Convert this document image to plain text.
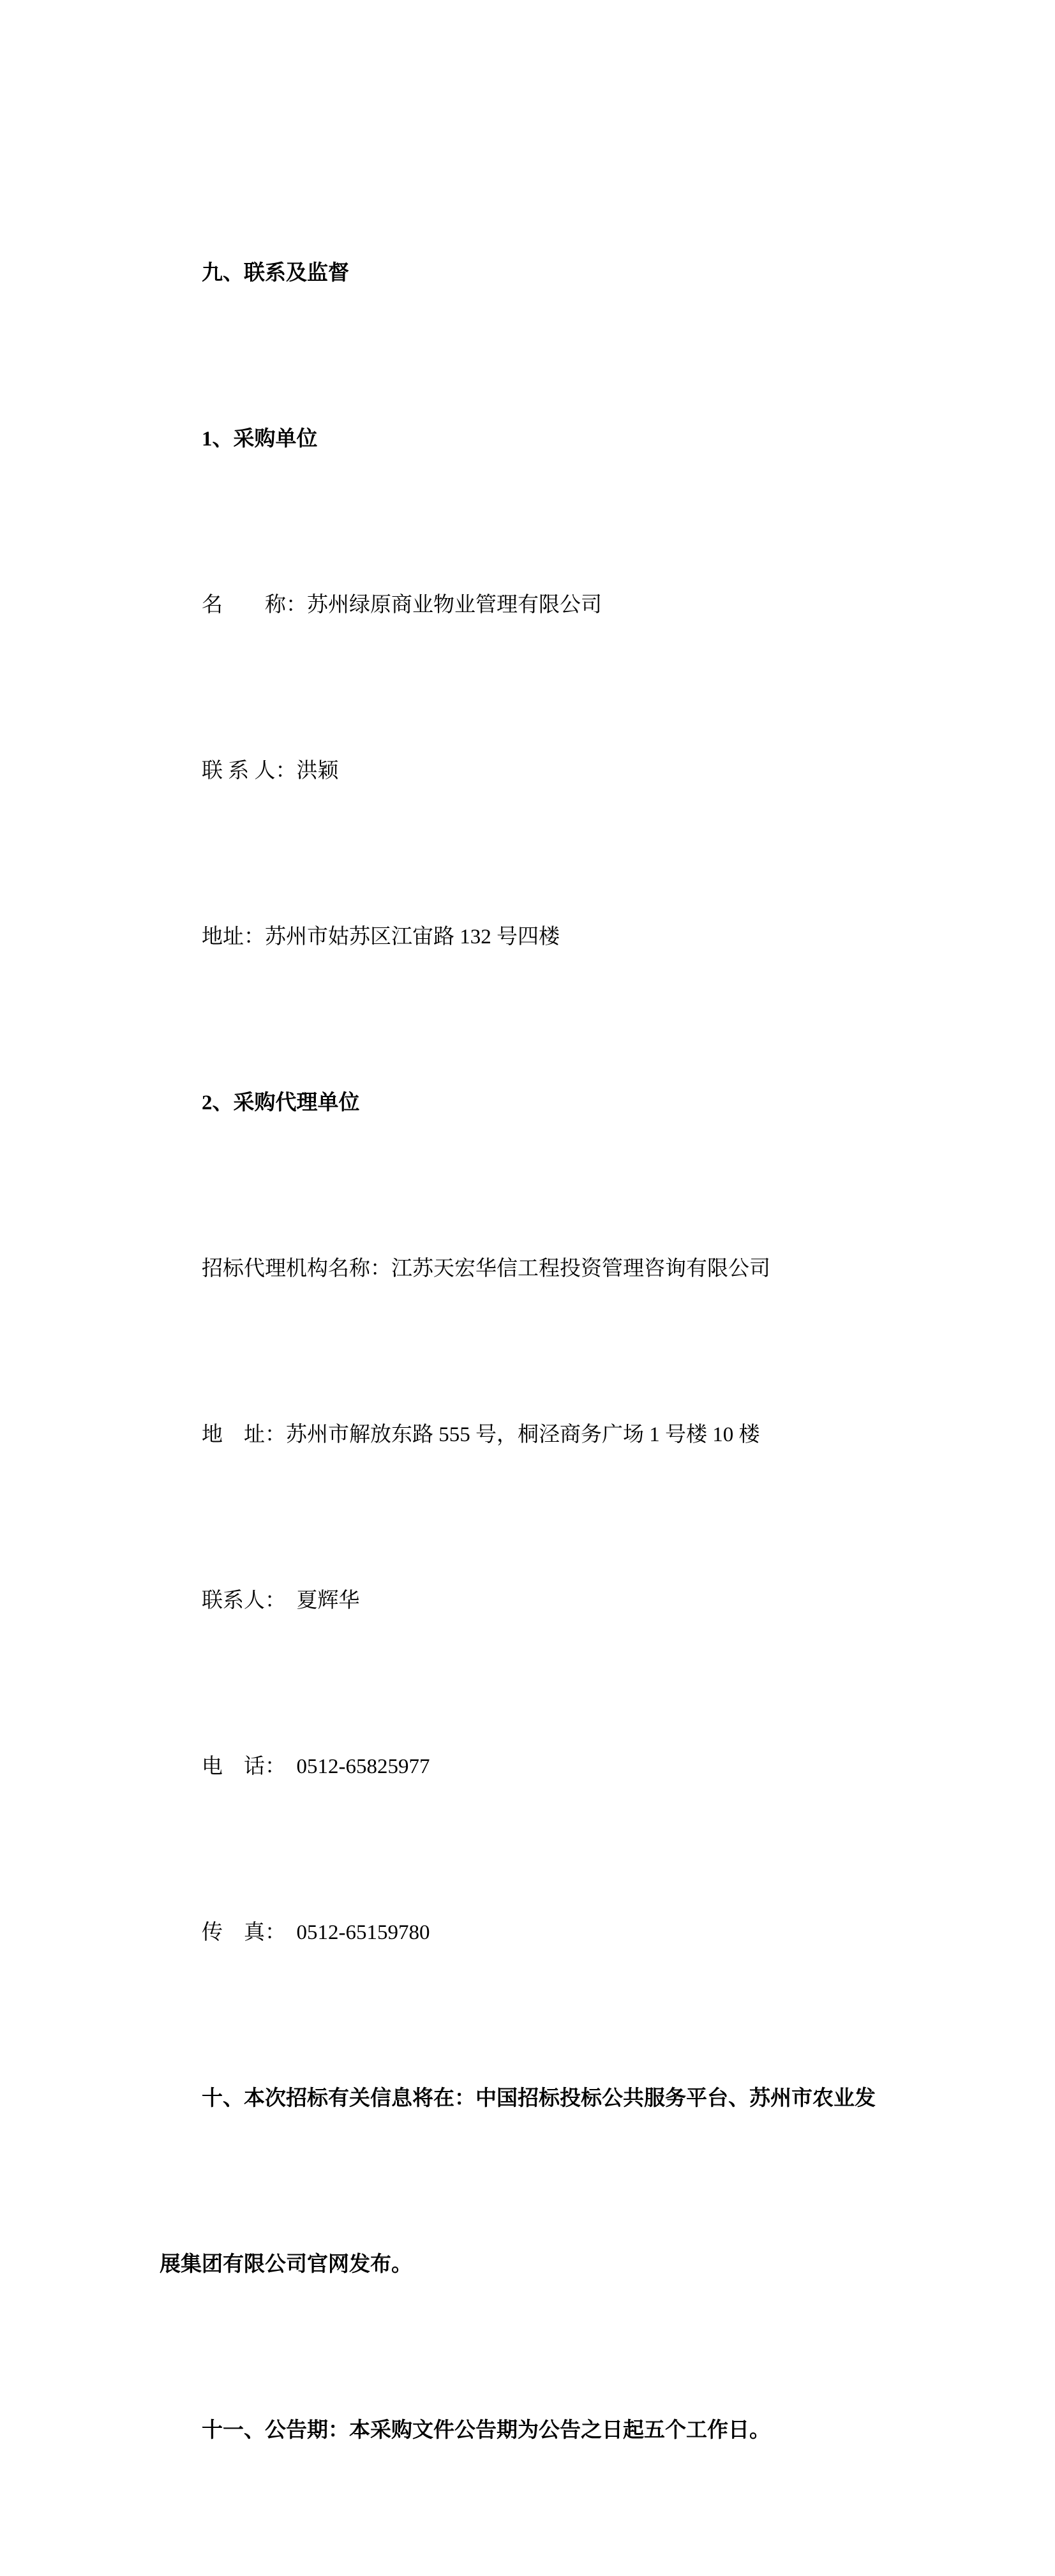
九、联系及监督

1、采购单位

名　　称：苏州绿原商业物业管理有限公司

联 系 人：洪颖

地址：苏州市姑苏区江宙路 132 号四楼

2、采购代理单位

招标代理机构名称：江苏天宏华信工程投资管理咨询有限公司

地　址：苏州市解放东路 555 号，桐泾商务广场 1 号楼 10 楼

联系人：　夏辉华

电　话：　0512-65825977

传　真：　0512-65159780

十、本次招标有关信息将在：中国招标投标公共服务平台、苏州市农业发

展集团有限公司官网发布。

十一、公告期：本采购文件公告期为公告之日起五个工作日。
